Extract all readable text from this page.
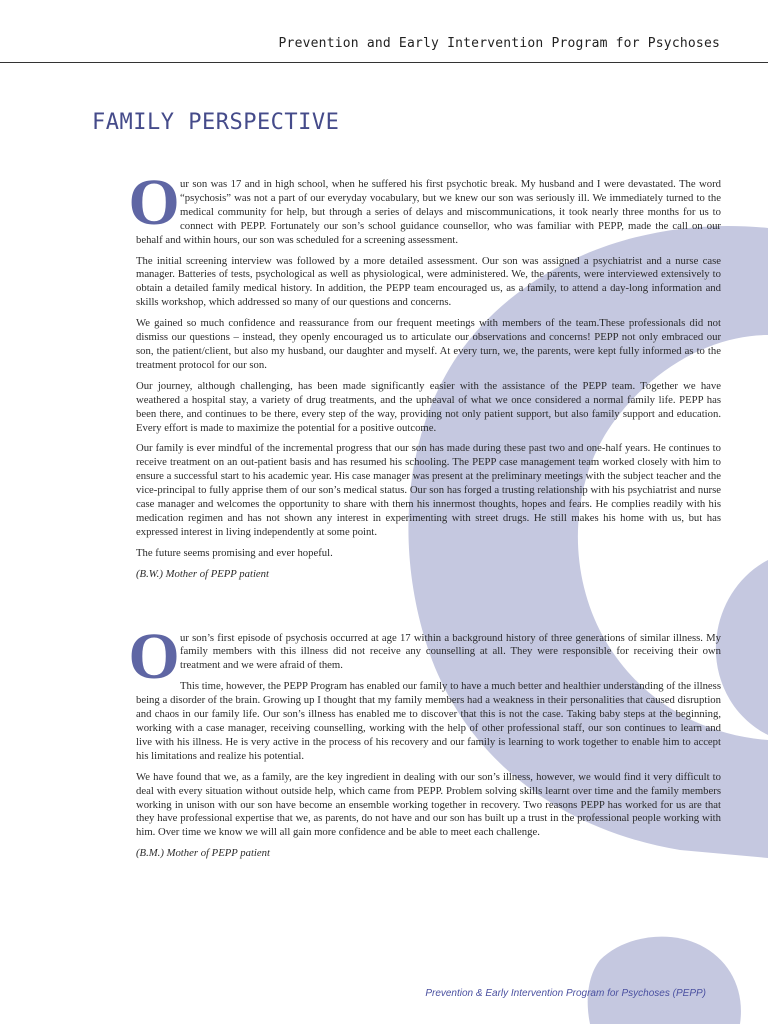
Prevention and Early Intervention Program for Psychoses
FAMILY PERSPECTIVE
O ur son was 17 and in high school, when he suffered his first psychotic break. My husband and I were devastated. The word “psychosis” was not a part of our everyday vocabulary, but we knew our son was seriously ill. We immediately turned to the medical community for help, but through a series of delays and miscommunications, it took nearly three months for us to connect with PEPP. Fortunately our son’s school guidance counsellor, who was familiar with PEPP, made the call on our behalf and within hours, our son was scheduled for a screening assessment.

The initial screening interview was followed by a more detailed assessment. Our son was assigned a psychiatrist and a nurse case manager. Batteries of tests, psychological as well as physiological, were administered. We, the parents, were interviewed extensively to obtain a detailed family medical history. In addition, the PEPP team encouraged us, as a family, to attend a day-long information and skills workshop, which addressed so many of our questions and concerns.

We gained so much confidence and reassurance from our frequent meetings with members of the team.These professionals did not dismiss our questions – instead, they openly encouraged us to articulate our observations and concerns! PEPP not only embraced our son, the patient/client, but also my husband, our daughter and myself. At every turn, we, the parents, were kept fully informed as to the treatment protocol for our son.

Our journey, although challenging, has been made significantly easier with the assistance of the PEPP team. Together we have weathered a hospital stay, a variety of drug treatments, and the upheaval of what we once considered a normal family life. PEPP has been there, and continues to be there, every step of the way, providing not only patient support, but also family support and education. Every effort is made to maximize the potential for a positive outcome.

Our family is ever mindful of the incremental progress that our son has made during these past two and one-half years. He continues to receive treatment on an out-patient basis and has resumed his schooling. The PEPP case management team worked closely with him to ensure a successful start to his academic year. His case manager was present at the preliminary meetings with the subject teacher and the vice-principal to fully apprise them of our son’s medical status. Our son has forged a trusting relationship with his psychiatrist and nurse case manager and welcomes the opportunity to share with them his innermost thoughts, hopes and fears. He complies readily with his medication regimen and has not shown any interest in experimenting with street drugs. He still makes his home with us, but has expressed interest in living independently at some point.

The future seems promising and ever hopeful.

(B.W.) Mother of PEPP patient

O ur son’s first episode of psychosis occurred at age 17 within a background history of three generations of similar illness. My family members with this illness did not receive any counselling at all. They were responsible for receiving their own treatment and we were afraid of them.

This time, however, the PEPP Program has enabled our family to have a much better and healthier understanding of the illness being a disorder of the brain. Growing up I thought that my family members had a weakness in their personalities that caused disruption and chaos in our family life. Our son’s illness has enabled me to discover that this is not the case. Taking baby steps at the beginning, working with a case manager, receiving counselling, working with the help of other professional staff, our son continues to learn and live with his illness. He is very active in the process of his recovery and our family is learning to work together to enable him to accept his limitations and realize his potential.

We have found that we, as a family, are the key ingredient in dealing with our son’s illness, however, we would find it very difficult to deal with every situation without outside help, which came from PEPP. Problem solving skills learnt over time and the family members working in unison with our son have become an ensemble working together in recovery. Two reasons PEPP has worked for us are that they have professional expertise that we, as parents, do not have and our son has built up a trust in the professional people working with him. Over time we know we will all gain more confidence and be able to meet each challenge.

(B.M.) Mother of PEPP patient

Prevention & Early Intervention Program for Psychoses (PEPP)
